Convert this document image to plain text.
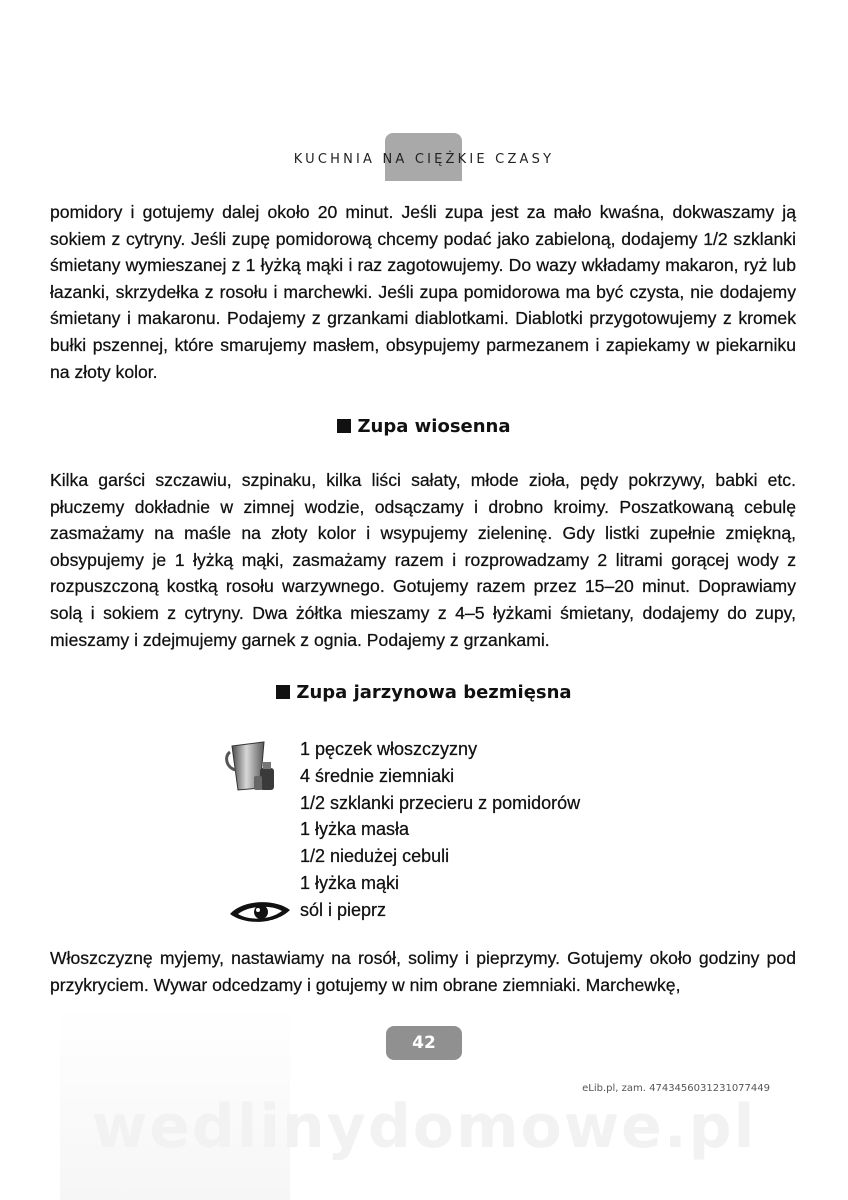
KUCHNIA NA CIĘŻKIE CZASY

pomidory i gotujemy dalej około 20 minut. Jeśli zupa jest za mało kwaśna, dokwaszamy ją sokiem z cytryny. Jeśli zupę pomidorową chcemy podać jako zabieloną, dodajemy 1/2 szklanki śmietany wymieszanej z 1 łyżką mąki i raz zagotowujemy. Do wazy wkładamy makaron, ryż lub łazanki, skrzydełka z rosołu i marchewki. Jeśli zupa pomidorowa ma być czysta, nie dodajemy śmietany i makaronu. Podajemy z grzankami diablotkami. Diablotki przygotowujemy z kromek bułki pszennej, które smarujemy masłem, obsypujemy parmezanem i zapiekamy w piekarniku na złoty kolor.

Zupa wiosenna

Kilka garści szczawiu, szpinaku, kilka liści sałaty, młode zioła, pędy pokrzywy, babki etc. płuczemy dokładnie w zimnej wodzie, odsączamy i drobno kroimy. Poszatkowaną cebulę zasmażamy na maśle na złoty kolor i wsypujemy zieleninę. Gdy listki zupełnie zmiękną, obsypujemy je 1 łyżką mąki, zasmażamy razem i rozprowadzamy 2 litrami gorącej wody z rozpuszczoną kostką rosołu warzywnego. Gotujemy razem przez 15–20 minut. Doprawiamy solą i sokiem z cytryny. Dwa żółtka mieszamy z 4–5 łyżkami śmietany, dodajemy do zupy, mieszamy i zdejmujemy garnek z ognia. Podajemy z grzankami.

Zupa jarzynowa bezmięsna
1 pęczek włoszczyzny
4 średnie ziemniaki
1/2 szklanki przecieru z pomidorów
1 łyżka masła
1/2 niedużej cebuli
1 łyżka mąki
sól i pieprz

Włoszczyznę myjemy, nastawiamy na rosół, solimy i pieprzymy. Gotujemy około godziny pod przykryciem. Wywar odcedzamy i gotujemy w nim obrane ziemniaki. Marchewkę,

42

eLib.pl, zam. 4743456031231077449

wedlinydomowe.pl
